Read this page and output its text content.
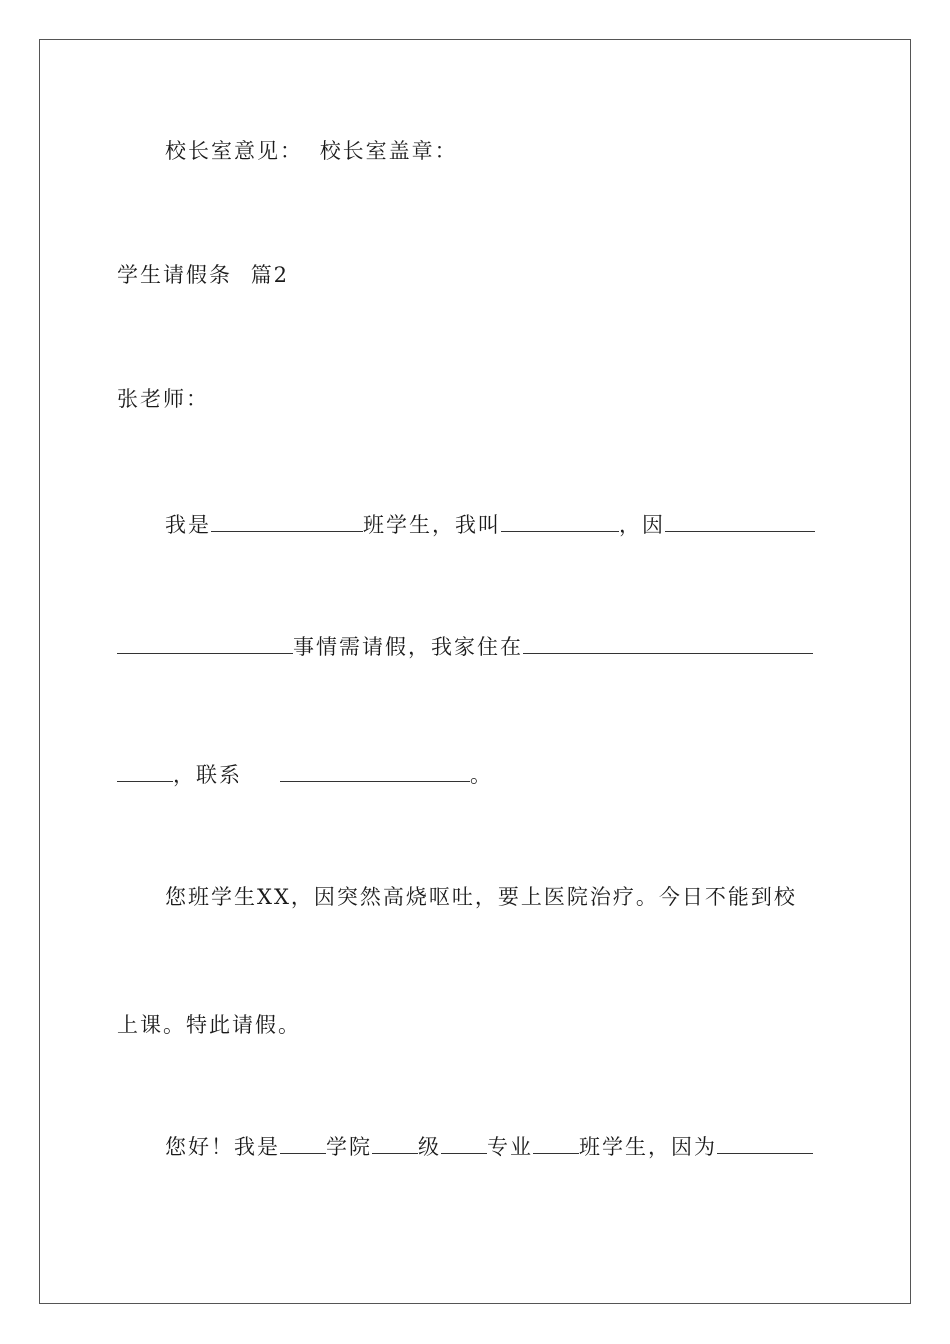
校长室意见： 校长室盖章：
学生请假条 篇2
张老师：
我是	班学生，我叫	，因
事情需请假，我家住在
，联系	。
您班学生XX，因突然高烧呕吐，要上医院治疗。今日不能到校
上课。特此请假。
您好！我是 学院 级 专业 班学生，因为
